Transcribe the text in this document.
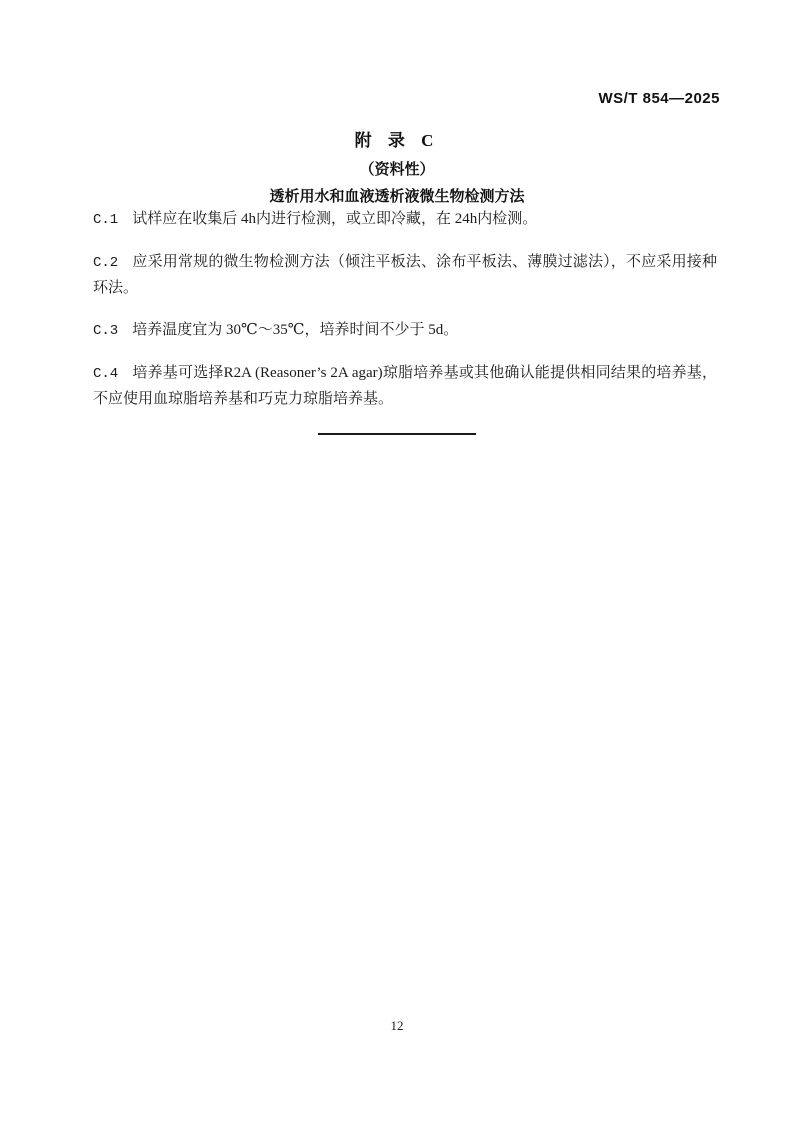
WS/T 854—2025
附 录 C
（资料性）
透析用水和血液透析液微生物检测方法

C.1 试样应在收集后 4h内进行检测，或立即冷藏，在 24h内检测。

C.2 应采用常规的微生物检测方法（倾注平板法、涂布平板法、薄膜过滤法），不应采用接种环法。

C.3 培养温度宜为 30℃～35℃，培养时间不少于 5d。

C.4 培养基可选择R2A (Reasoner’s 2A agar)琼脂培养基或其他确认能提供相同结果的培养基，不应使用血琼脂培养基和巧克力琼脂培养基。

12
